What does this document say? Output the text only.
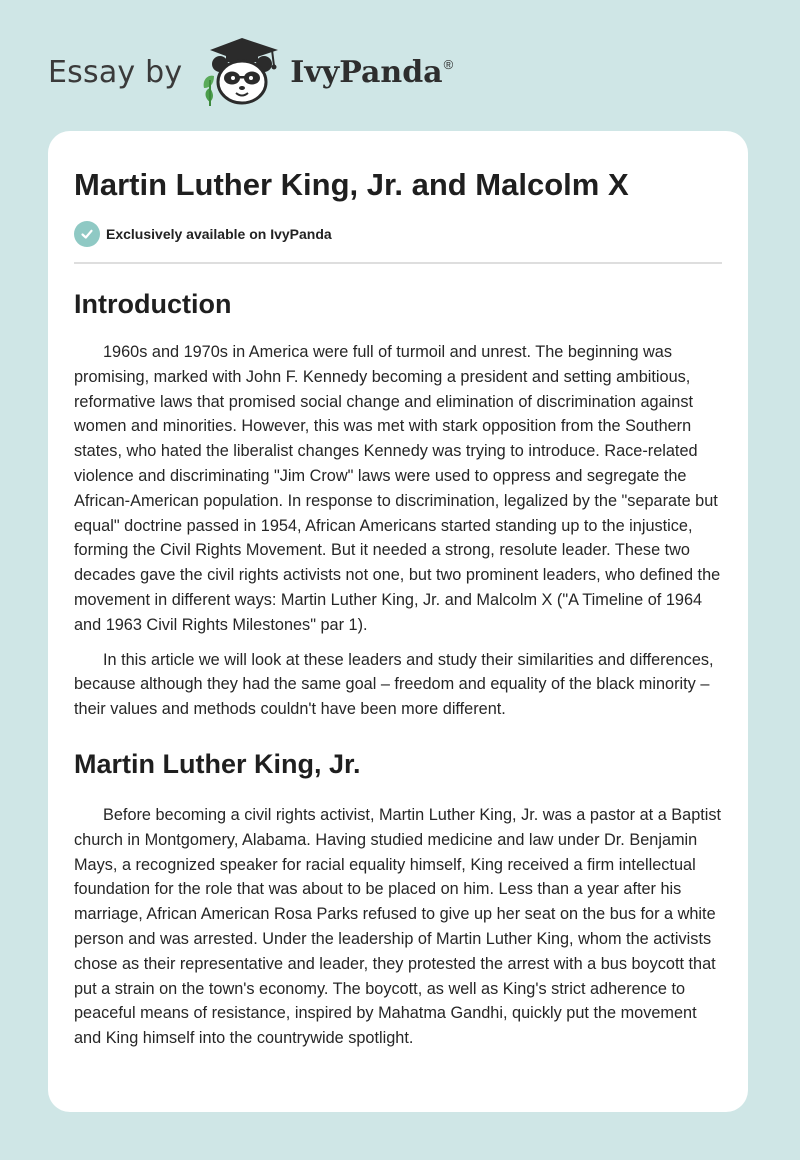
Essay by	IvyPanda®
Martin Luther King, Jr. and Malcolm X
Exclusively available on IvyPanda
Introduction

1960s and 1970s in America were full of turmoil and unrest. The beginning was promising, marked with John F. Kennedy becoming a president and setting ambitious, reformative laws that promised social change and elimination of discrimination against women and minorities. However, this was met with stark opposition from the Southern states, who hated the liberalist changes Kennedy was trying to introduce. Race-related violence and discriminating "Jim Crow" laws were used to oppress and segregate the African-American population. In response to discrimination, legalized by the "separate but equal" doctrine passed in 1954, African Americans started standing up to the injustice, forming the Civil Rights Movement. But it needed a strong, resolute leader. These two decades gave the civil rights activists not one, but two prominent leaders, who defined the movement in different ways: Martin Luther King, Jr. and Malcolm X ("A Timeline of 1964 and 1963 Civil Rights Milestones" par 1).

In this article we will look at these leaders and study their similarities and differences, because although they had the same goal – freedom and equality of the black minority – their values and methods couldn't have been more different.

Martin Luther King, Jr.

Before becoming a civil rights activist, Martin Luther King, Jr. was a pastor at a Baptist church in Montgomery, Alabama. Having studied medicine and law under Dr. Benjamin Mays, a recognized speaker for racial equality himself, King received a firm intellectual foundation for the role that was about to be placed on him. Less than a year after his marriage, African American Rosa Parks refused to give up her seat on the bus for a white person and was arrested. Under the leadership of Martin Luther King, whom the activists chose as their representative and leader, they protested the arrest with a bus boycott that put a strain on the town's economy. The boycott, as well as King's strict adherence to peaceful means of resistance, inspired by Mahatma Gandhi, quickly put the movement and King himself into the countrywide spotlight.
